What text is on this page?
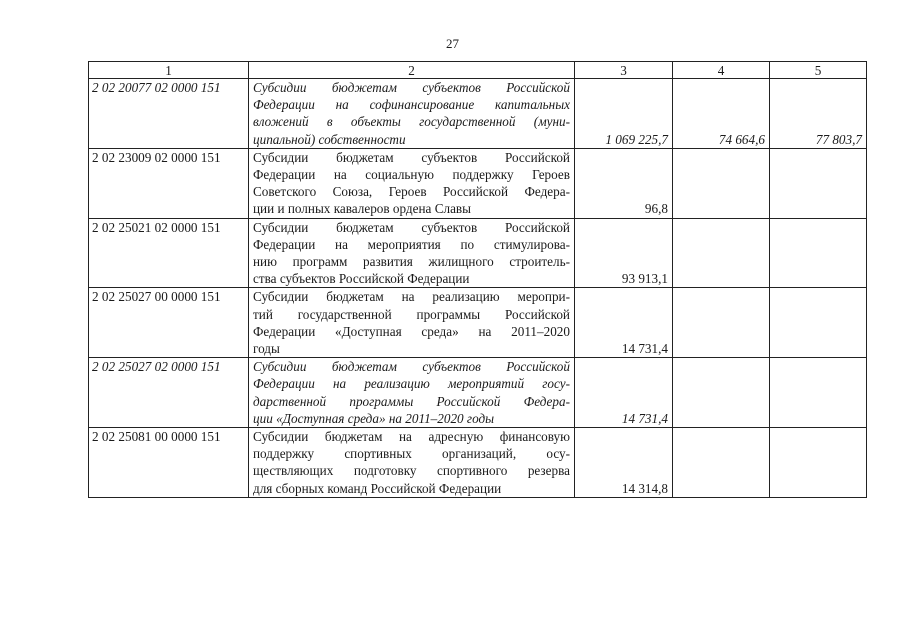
27
1	2	3	4	5
2 02 20077 02 0000 151	Субсидии бюджетам субъектов Российской
Федерации на софинансирование капитальных
вложений в объекты государственной (муни-
ципальной) собственности	1 069 225,7	74 664,6	77 803,7
2 02 23009 02 0000 151	Субсидии бюджетам субъектов Российской
Федерации на социальную поддержку Героев
Советского Союза, Героев Российской Федера-
ции и полных кавалеров ордена Славы	96,8		
2 02 25021 02 0000 151	Субсидии бюджетам субъектов Российской
Федерации на мероприятия по стимулирова-
нию программ развития жилищного строитель-
ства субъектов Российской Федерации	93 913,1		
2 02 25027 00 0000 151	Субсидии бюджетам на реализацию меропри-
тий государственной программы Российской
Федерации «Доступная среда» на 2011–2020
годы	14 731,4		
2 02 25027 02 0000 151	Субсидии бюджетам субъектов Российской
Федерации на реализацию мероприятий госу-
дарственной программы Российской Федера-
ции «Доступная среда» на 2011–2020 годы	14 731,4		
2 02 25081 00 0000 151	Субсидии бюджетам на адресную финансовую
поддержку спортивных организаций, осу-
ществляющих подготовку спортивного резерва
для сборных команд Российской Федерации	14 314,8		
